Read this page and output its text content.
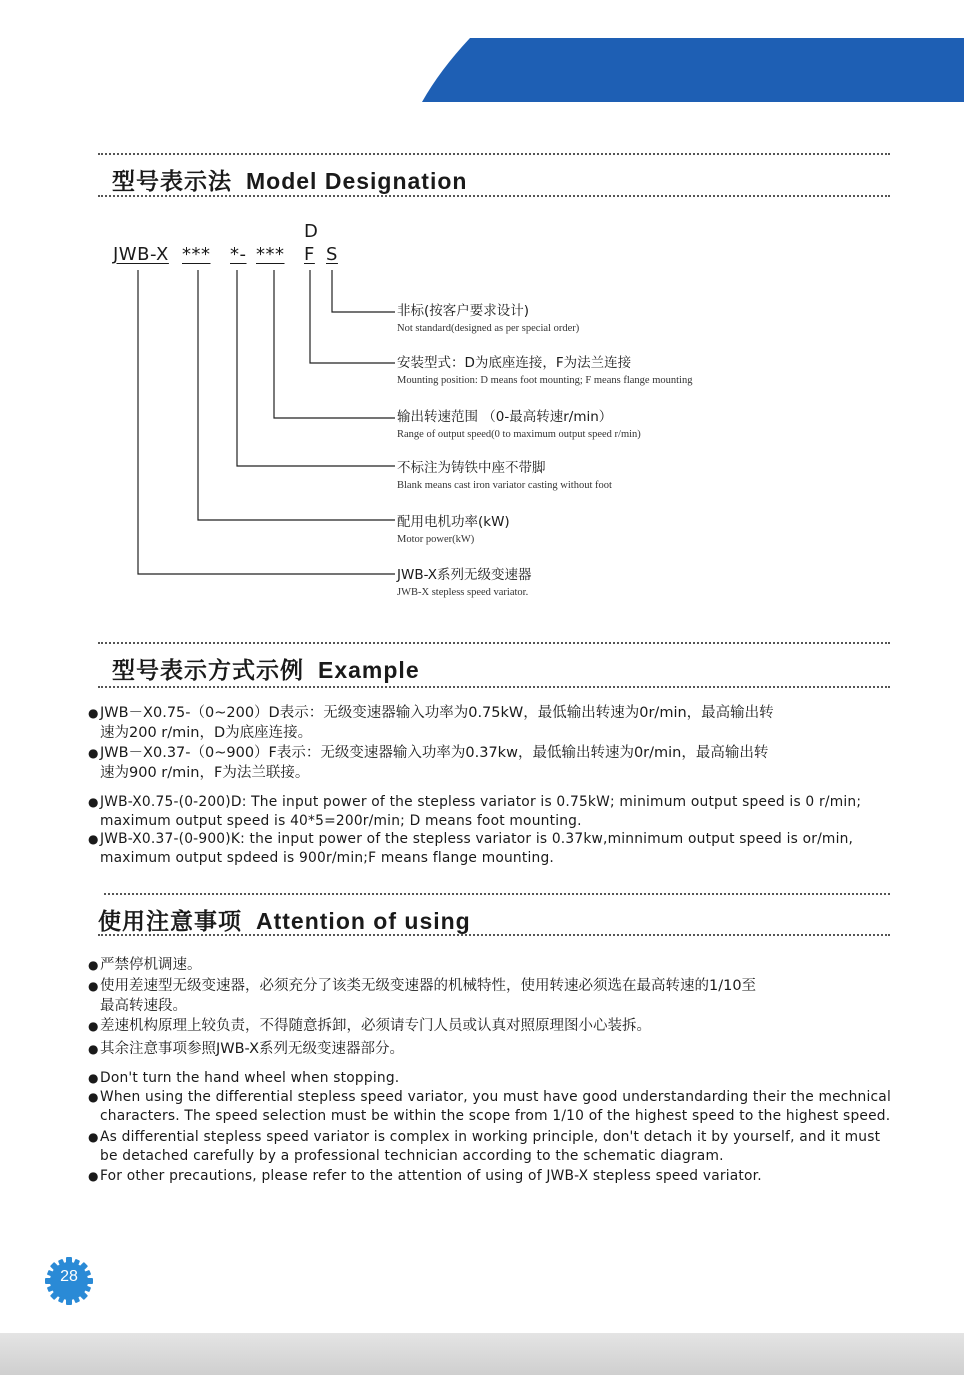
型号表示法 Model Designation
JWB-X *** *- ***
D
F S
非标(按客户要求设计)
Not standard(designed as per special order)
安装型式：D为底座连接，F为法兰连接
Mounting position: D means foot mounting; F means flange mounting
输出转速范围 （0-最高转速r/min）
Range of output speed(0 to maximum output speed r/min)
不标注为铸铁中座不带脚
Blank means cast iron variator casting without foot
配用电机功率(kW)
Motor power(kW)
JWB-X系列无级变速器
JWB-X stepless speed variator.
型号表示方式示例 Example
● JWB－X0.75-（0~200）D表示：无级变速器输入功率为0.75kW，最低输出转速为0r/min，最高输出转
速为200 r/min，D为底座连接。
● JWB－X0.37-（0~900）F表示：无级变速器输入功率为0.37kw，最低输出转速为0r/min，最高输出转
速为900 r/min，F为法兰联接。
●JWB-X0.75-(0-200)D: The input power of the stepless variator is 0.75kW; minimum output speed is 0 r/min;
maximum output speed is 40*5=200r/min; D means foot mounting.
●JWB-X0.37-(0-900)K: the input power of the stepless variator is 0.37kw,minnimum output speed is or/min,
maximum output spdeed is 900r/min;F means flange mounting.
使用注意事项 Attention of using
● 严禁停机调速。
● 使用差速型无级变速器，必须充分了该类无级变速器的机械特性，使用转速必须选在最高转速的1/10至
最高转速段。
● 差速机构原理上较负责，不得随意拆卸，必须请专门人员或认真对照原理图小心装拆。
● 其余注意事项参照JWB-X系列无级变速器部分。
●Don't turn the hand wheel when stopping.
●When using the differential stepless speed variator, you must have good understandarding their the mechnical
characters. The speed selection must be within the scope from 1/10 of the highest speed to the highest speed.
●As differential stepless speed variator is complex in working principle, don't detach it by yourself, and it must
be detached carefully by a professional technician according to the schematic diagram.
●For other precautions, please refer to the attention of using of JWB-X stepless speed variator.
28
